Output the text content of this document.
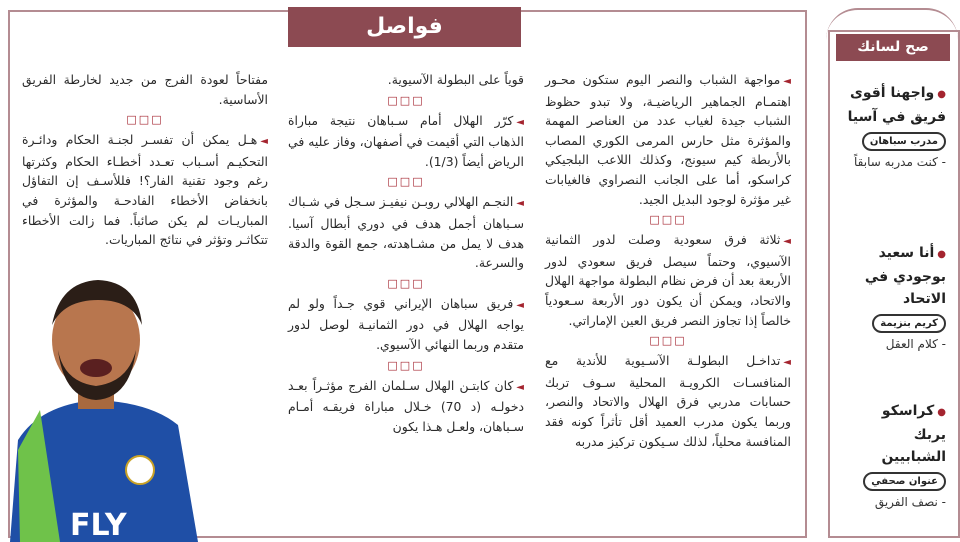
فواصل

◄مواجهة الشباب والنصر اليوم ستكون محـور اهتمـام الجماهير الرياضيـة، ولا تبدو حظوظ الشباب جيدة لغياب عدد من العناصر المهمة والمؤثرة مثل حارس المرمى الكوري المصاب بالأربطة كيم سيونج، وكذلك اللاعب البلجيكي كراسكو، أما على الجانب النصراوي فالغيابات غير مؤثرة لوجود البديل الجيد.

□□□

◄ثلاثة فرق سعودية وصلت لدور الثمانية الآسيوي، وحتماً سيصل فريق سعودي لدور الأربعة بعد أن فرض نظام البطولة مواجهة الهلال والاتحاد، ويمكن أن يكون دور الأربعة سـعودياً خالصاً إذا تجاوز النصر فريق العين الإماراتي.

□□□

◄تداخـل البطولـة الآسـيوية للأندية مع المنافسـات الكرويـة المحلية سـوف تربك حسابات مدربي فرق الهلال والاتحاد والنصر، وربما يكون مدرب العميد أقل تأثراً كونه فقد المنافسة محلياً، لذلك سـيكون تركيز مدربه

قوياً على البطولة الآسيوية.

□□□

◄كرّر الهلال أمام سـباهان نتيجة مباراة الذهاب التي أقيمت في أصفهان، وفاز عليه في الرياض أيضاً (1/3).

□□□

◄النجـم الهلالي روبـن نيفيـز سـجل في شـباك سـباهان أجمل هدف في دوري أبطال آسيا. هدف لا يمل من مشـاهدته، جمع القوة والدقة والسرعة.

□□□

◄فريق سباهان الإيراني قوي جـداً ولو لم يواجه الهلال في دور الثمانيـة لوصل لدور متقدم وربما النهائي الآسيوي.

□□□

◄كان كابتـن الهلال سـلمان الفرج مؤثـراً بعـد دخولـه (د 70) خـلال مباراة فريقـه أمـام سـباهان، ولعـل هـذا يكون

مفتاحاً لعودة الفرج من جديد لخارطة الفريق الأساسية.

□□□

◄هـل يمكن أن تفسـر لجنـة الحكام ودائـرة التحكيـم أسـباب تعـدد أخطـاء الحكام وكثرتها رغم وجود تقنية الفار؟! فللأسـف إن التفاؤل بانخفاض الأخطاء الفادحـة والمؤثرة في المباريـات لم يكن صائباً. فما زالت الأخطاء تتكاثـر وتؤثر في نتائج المباريات.

FLY
صح لسانك
●واجهنا أقوى فريق في آسيا
مدرب سباهان
- كنت مدربه سابقاً
●أنا سعيد بوجودي في الاتحاد
كريم بنزيمة
- كلام العقل
●كراسكو يربك الشبابيين
عنوان صحفي
- نصف الفريق
